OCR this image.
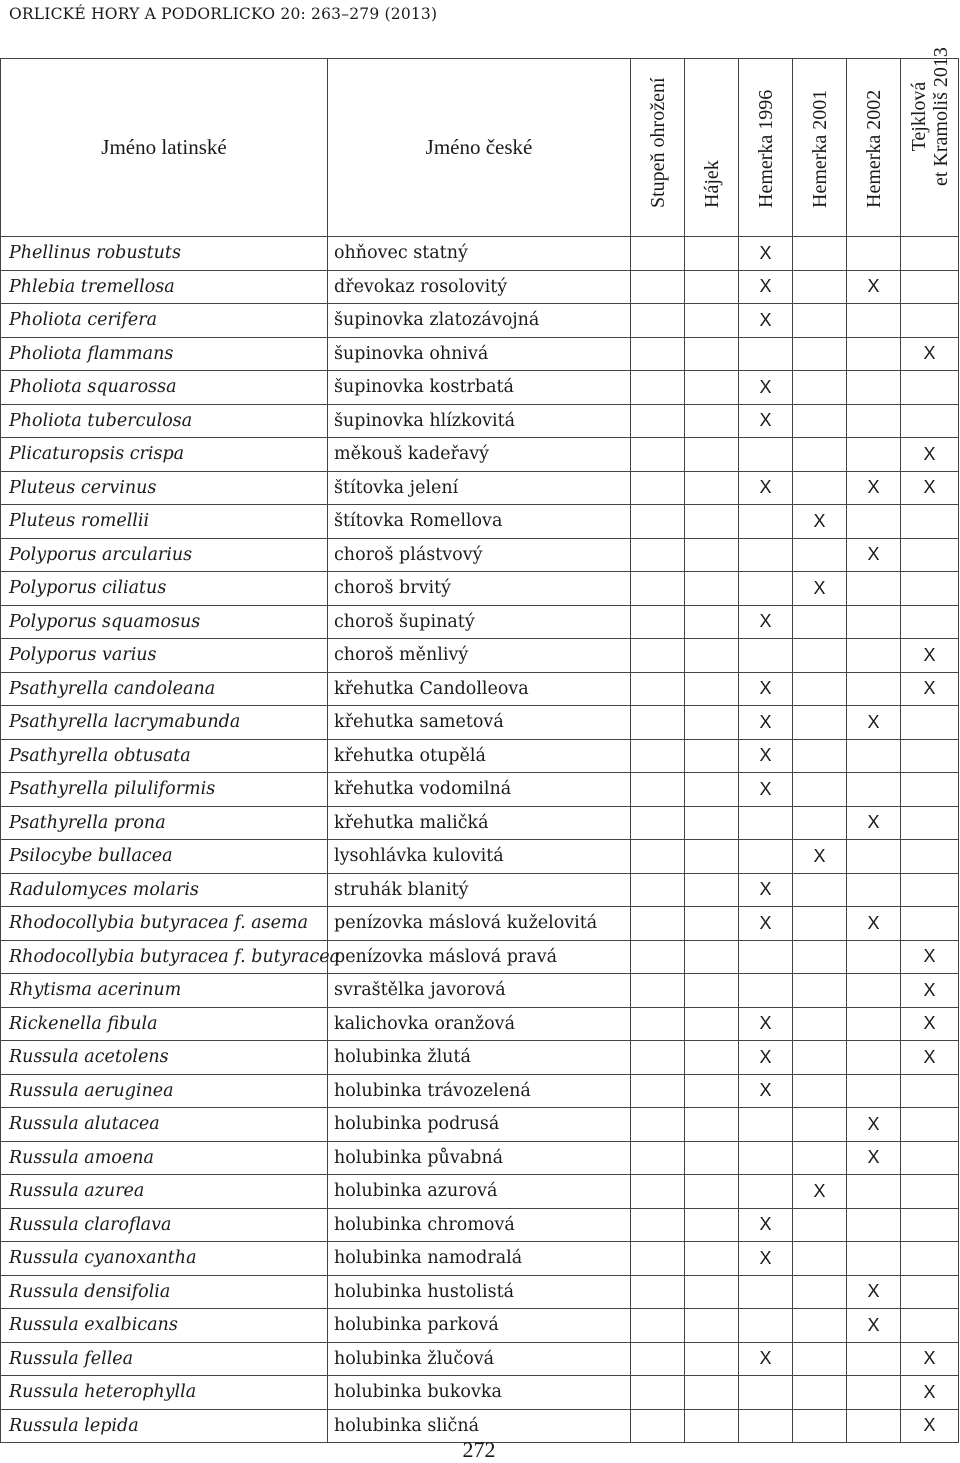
ORLICKÉ HORY A PODORLICKO 20: 263–279 (2013)
Jméno latinské	Jméno české	Stupeň ohrožení	Hájek	Hemerka 1996	Hemerka 2001	Hemerka 2002	Tejklová et Kramoliš 2013

Phellinus robustuts	ohňovec statný			X			
Phlebia tremellosa	dřevokaz rosolovitý			X		X	
Pholiota cerifera	šupinovka zlatozávojná			X			
Pholiota flammans	šupinovka ohnivá						X
Pholiota squarossa	šupinovka kostrbatá			X			
Pholiota tuberculosa	šupinovka hlízkovitá			X			
Plicaturopsis crispa	měkouš kadeřavý						X
Pluteus cervinus	štítovka jelení			X		X	X
Pluteus romellii	štítovka Romellova				X		
Polyporus arcularius	choroš plástvový					X	
Polyporus ciliatus	choroš brvitý				X		
Polyporus squamosus	choroš šupinatý			X			
Polyporus varius	choroš měnlivý						X
Psathyrella candoleana	křehutka Candolleova			X			X
Psathyrella lacrymabunda	křehutka sametová			X		X	
Psathyrella obtusata	křehutka otupělá			X			
Psathyrella piluliformis	křehutka vodomilná			X			
Psathyrella prona	křehutka maličká					X	
Psilocybe bullacea	lysohlávka kulovitá				X		
Radulomyces molaris	struhák blanitý			X			
Rhodocollybia butyracea f. asema	penízovka máslová kuželovitá			X		X	
Rhodocollybia butyracea f. butyracea	penízovka máslová pravá						X
Rhytisma acerinum	svraštělka javorová						X
Rickenella fibula	kalichovka oranžová			X			X
Russula acetolens	holubinka žlutá			X			X
Russula aeruginea	holubinka trávozelená			X			
Russula alutacea	holubinka podrusá					X	
Russula amoena	holubinka půvabná					X	
Russula azurea	holubinka azurová				X		
Russula claroflava	holubinka chromová			X			
Russula cyanoxantha	holubinka namodralá			X			
Russula densifolia	holubinka hustolistá					X	
Russula exalbicans	holubinka parková					X	
Russula fellea	holubinka žlučová			X			X
Russula heterophylla	holubinka bukovka						X
Russula lepida	holubinka sličná						X
272
